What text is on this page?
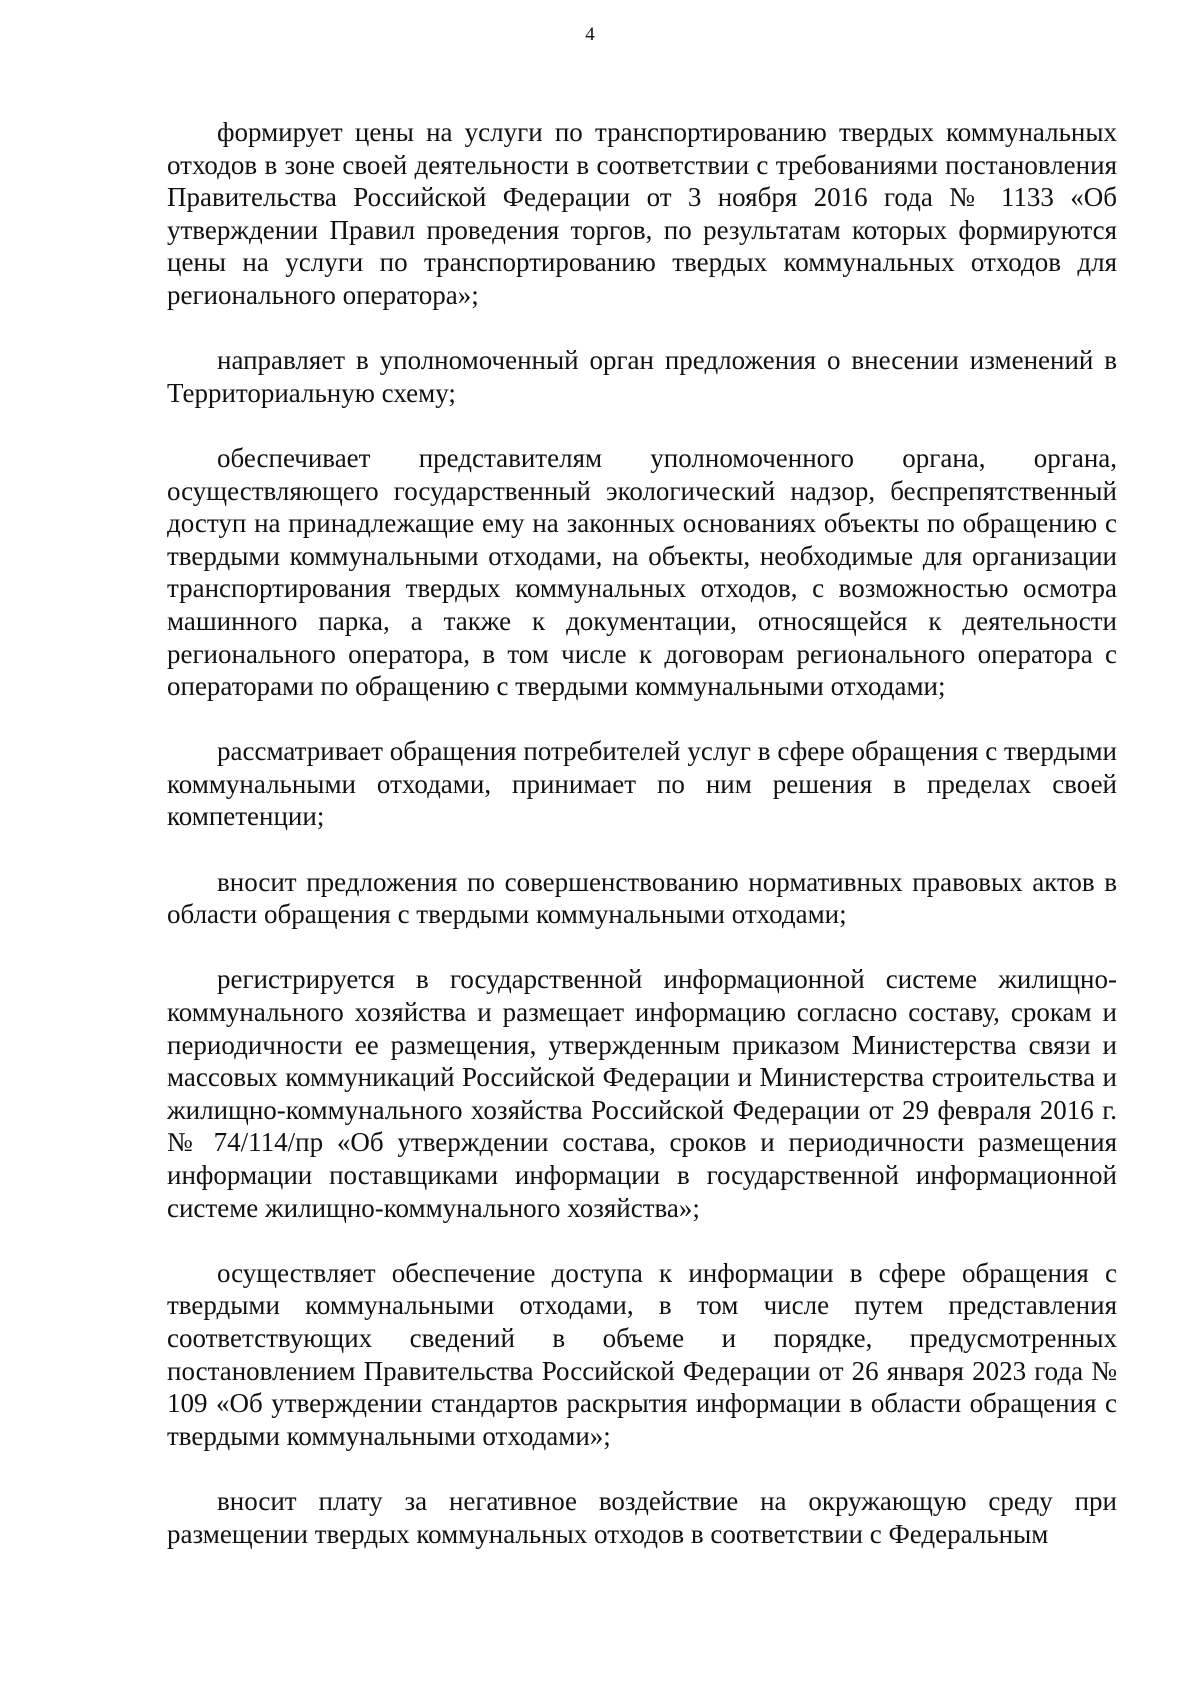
4

формирует цены на услуги по транспортированию твердых коммунальных отходов в зоне своей деятельности в соответствии с требованиями постановления Правительства Российской Федерации от 3 ноября 2016 года № 1133 «Об утверждении Правил проведения торгов, по результатам которых формируются цены на услуги по транспортированию твердых коммунальных отходов для регионального оператора»;

направляет в уполномоченный орган предложения о внесении изменений в Территориальную схему;

обеспечивает представителям уполномоченного органа, органа, осуществляющего государственный экологический надзор, беспрепятственный доступ на принадлежащие ему на законных основаниях объекты по обращению с твердыми коммунальными отходами, на объекты, необходимые для организации транспортирования твердых коммунальных отходов, с возможностью осмотра машинного парка, а также к документации, относящейся к деятельности регионального оператора, в том числе к договорам регионального оператора с операторами по обращению с твердыми коммунальными отходами;

рассматривает обращения потребителей услуг в сфере обращения с твердыми коммунальными отходами, принимает по ним решения в пределах своей компетенции;

вносит предложения по совершенствованию нормативных правовых актов в области обращения с твердыми коммунальными отходами;

регистрируется в государственной информационной системе жилищно-коммунального хозяйства и размещает информацию согласно составу, срокам и периодичности ее размещения, утвержденным приказом Министерства связи и массовых коммуникаций Российской Федерации и Министерства строительства и жилищно-коммунального хозяйства Российской Федерации от 29 февраля 2016 г. № 74/114/пр «Об утверждении состава, сроков и периодичности размещения информации поставщиками информации в государственной информационной системе жилищно-коммунального хозяйства»;

осуществляет обеспечение доступа к информации в сфере обращения с твердыми коммунальными отходами, в том числе путем представления соответствующих сведений в объеме и порядке, предусмотренных постановлением Правительства Российской Федерации от 26 января 2023 года № 109 «Об утверждении стандартов раскрытия информации в области обращения с твердыми коммунальными отходами»;

вносит плату за негативное воздействие на окружающую среду при размещении твердых коммунальных отходов в соответствии с Федеральным
